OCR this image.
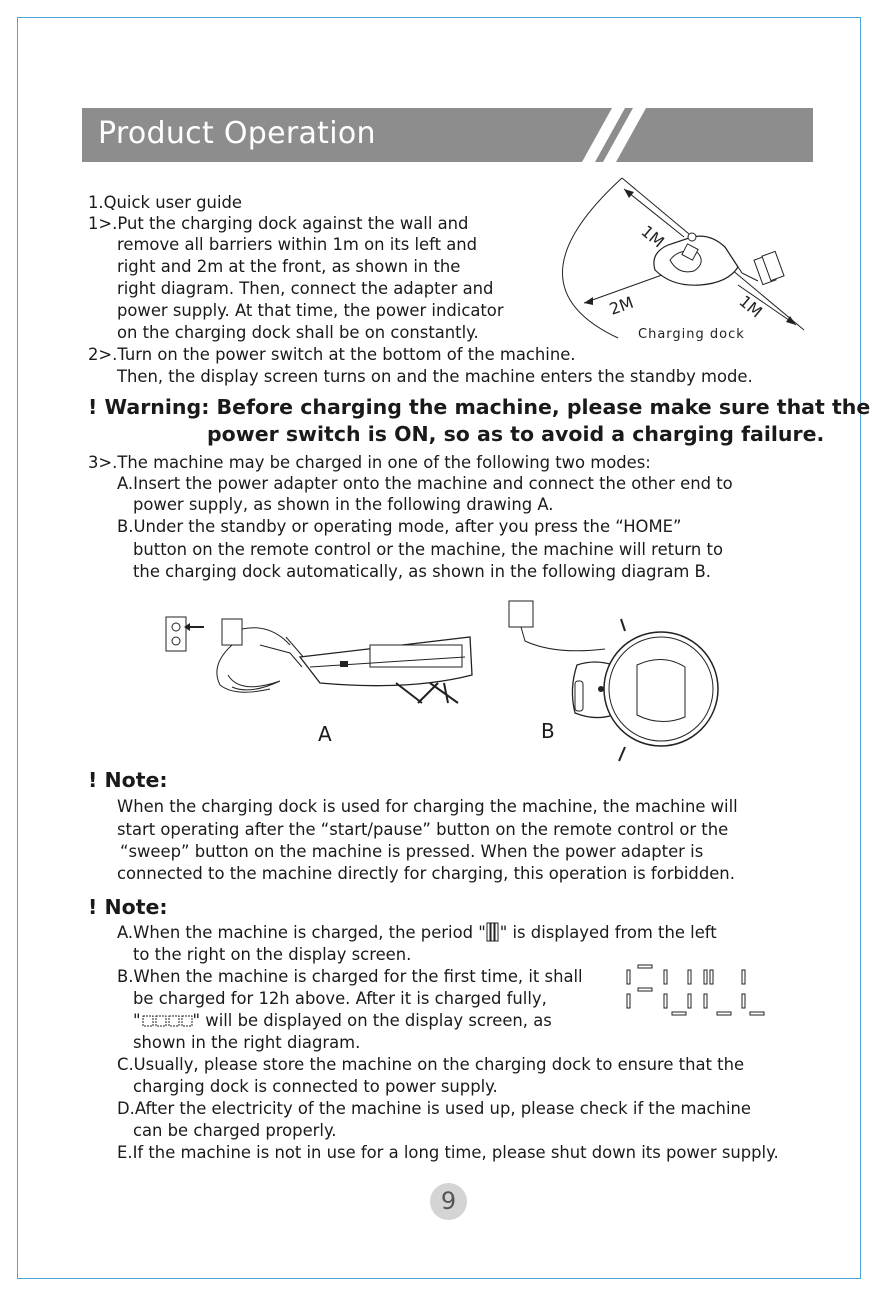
Product Operation
1.Quick user guide
1>.Put the charging dock against the wall and
remove all barriers within 1m on its left and
right and 2m at the front, as shown in the
right diagram. Then, connect the adapter and
power supply. At that time, the power indicator
on the charging dock shall be on constantly.
2>.Turn on the power switch at the bottom of the machine.
Then, the display screen turns on and the machine enters the standby mode.
1M
1M
2M
Charging dock
! Warning: Before charging the machine, please make sure that the
power switch is ON, so as to avoid a charging failure.
3>.The machine may be charged in one of the following two modes:
A.Insert the power adapter onto the machine and connect the other end to
power supply, as shown in the following drawing A.
B.Under the standby or operating mode, after you press the “HOME”
button on the remote control or the machine, the machine will return to
the charging dock automatically, as shown in the following diagram B.
A	B
! Note:
When the charging dock is used for charging the machine, the machine will
start operating after the “start/pause” button on the remote control or the
“sweep” button on the machine is pressed. When the power adapter is
connected to the machine directly for charging, this operation is forbidden.
! Note:
A.When the machine is charged, the period " " is displayed from the left
to the right on the display screen.
B.When the machine is charged for the first time, it shall
be charged for 12h above. After it is charged fully,
"	" will be displayed on the display screen, as
shown in the right diagram.
C.Usually, please store the machine on the charging dock to ensure that the
charging dock is connected to power supply.
D.After the electricity of the machine is used up, please check if the machine
can be charged properly.
E.If the machine is not in use for a long time, please shut down its power supply.
9
